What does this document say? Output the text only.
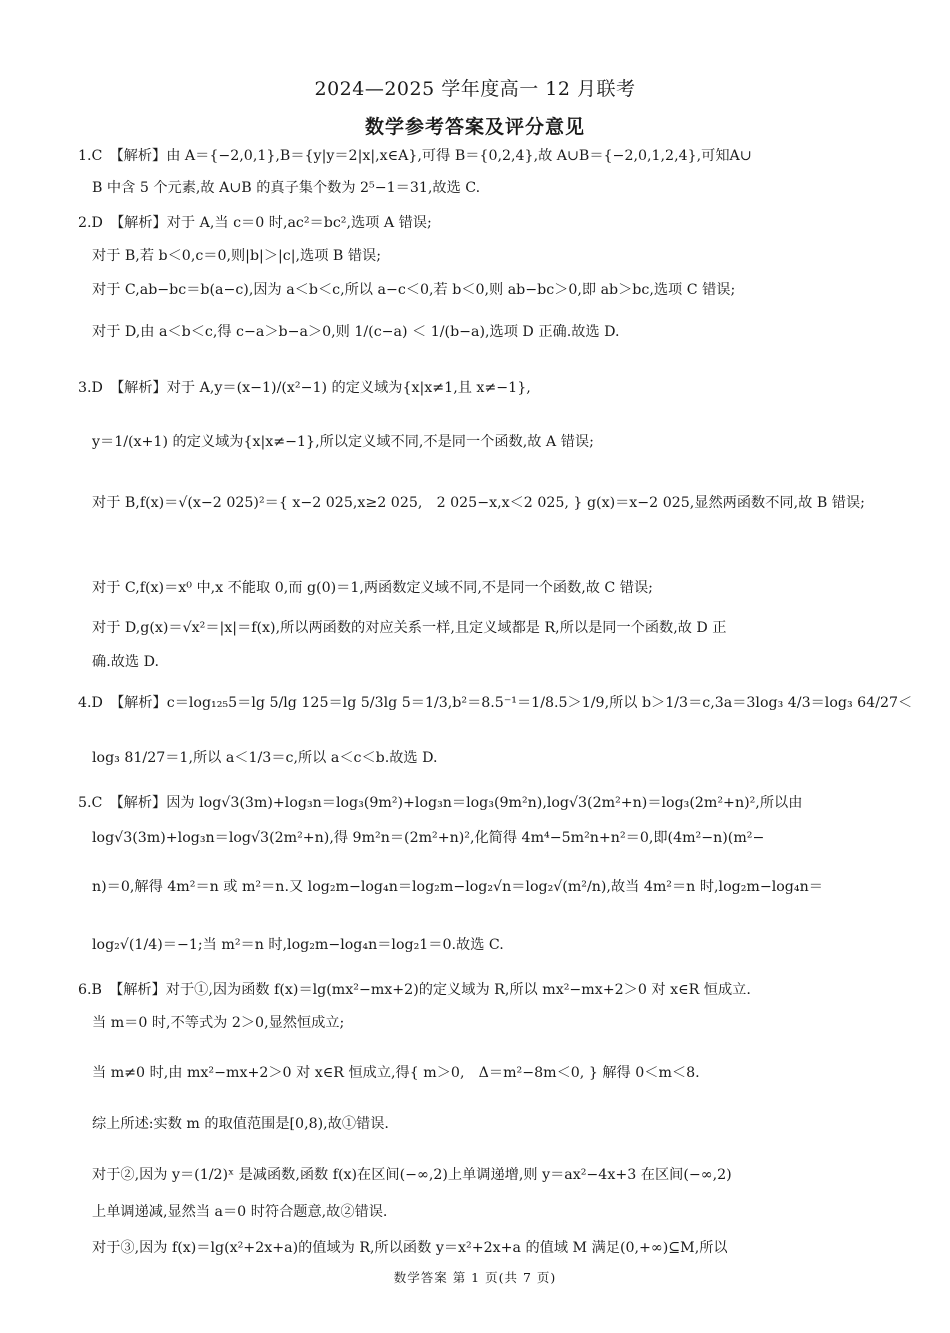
2024—2025 学年度高一 12 月联考
数学参考答案及评分意见
1.C　【解析】由 A＝{−2,0,1},B＝{y|y＝2|x|,x∈A},可得 B＝{0,2,4},故 A∪B＝{−2,0,1,2,4},可知A∪
B 中含 5 个元素,故 A∪B 的真子集个数为 2⁵−1＝31,故选 C.
2.D　【解析】对于 A,当 c＝0 时,ac²＝bc²,选项 A 错误;
对于 B,若 b＜0,c＝0,则|b|＞|c|,选项 B 错误;
对于 C,ab−bc＝b(a−c),因为 a＜b＜c,所以 a−c＜0,若 b＜0,则 ab−bc＞0,即 ab＞bc,选项 C 错误;
对于 D,由 a＜b＜c,得 c−a＞b−a＞0,则 1/(c−a) ＜ 1/(b−a),选项 D 正确.故选 D.
3.D　【解析】对于 A,y＝(x−1)/(x²−1) 的定义域为{x|x≠1,且 x≠−1},
y＝1/(x+1) 的定义域为{x|x≠−1},所以定义域不同,不是同一个函数,故 A 错误;
对于 B,f(x)＝√(x−2 025)²＝{ x−2 025,x≥2 025,　2 025−x,x＜2 025, } g(x)＝x−2 025,显然两函数不同,故 B 错误;
对于 C,f(x)＝x⁰ 中,x 不能取 0,而 g(0)＝1,两函数定义域不同,不是同一个函数,故 C 错误;
对于 D,g(x)＝√x²＝|x|＝f(x),所以两函数的对应关系一样,且定义域都是 R,所以是同一个函数,故 D 正
确.故选 D.
4.D　【解析】c＝log₁₂₅5＝lg 5/lg 125＝lg 5/3lg 5＝1/3,b²＝8.5⁻¹＝1/8.5＞1/9,所以 b＞1/3＝c,3a＝3log₃ 4/3＝log₃ 64/27＜
log₃ 81/27＝1,所以 a＜1/3＝c,所以 a＜c＜b.故选 D.
5.C　【解析】因为 log√3(3m)+log₃n＝log₃(9m²)+log₃n＝log₃(9m²n),log√3(2m²+n)＝log₃(2m²+n)²,所以由
log√3(3m)+log₃n＝log√3(2m²+n),得 9m²n＝(2m²+n)²,化简得 4m⁴−5m²n+n²＝0,即(4m²−n)(m²−
n)＝0,解得 4m²＝n 或 m²＝n.又 log₂m−log₄n＝log₂m−log₂√n＝log₂√(m²/n),故当 4m²＝n 时,log₂m−log₄n＝
log₂√(1/4)＝−1;当 m²＝n 时,log₂m−log₄n＝log₂1＝0.故选 C.
6.B　【解析】对于①,因为函数 f(x)＝lg(mx²−mx+2)的定义域为 R,所以 mx²−mx+2＞0 对 x∈R 恒成立.
当 m＝0 时,不等式为 2＞0,显然恒成立;
当 m≠0 时,由 mx²−mx+2＞0 对 x∈R 恒成立,得{ m＞0,　Δ＝m²−8m＜0, } 解得 0＜m＜8.
综上所述:实数 m 的取值范围是[0,8),故①错误.
对于②,因为 y＝(1/2)ˣ 是减函数,函数 f(x)在区间(−∞,2)上单调递增,则 y＝ax²−4x+3 在区间(−∞,2)
上单调递减,显然当 a＝0 时符合题意,故②错误.
对于③,因为 f(x)＝lg(x²+2x+a)的值域为 R,所以函数 y＝x²+2x+a 的值域 M 满足(0,+∞)⊆M,所以
数学答案 第 1 页(共 7 页)
